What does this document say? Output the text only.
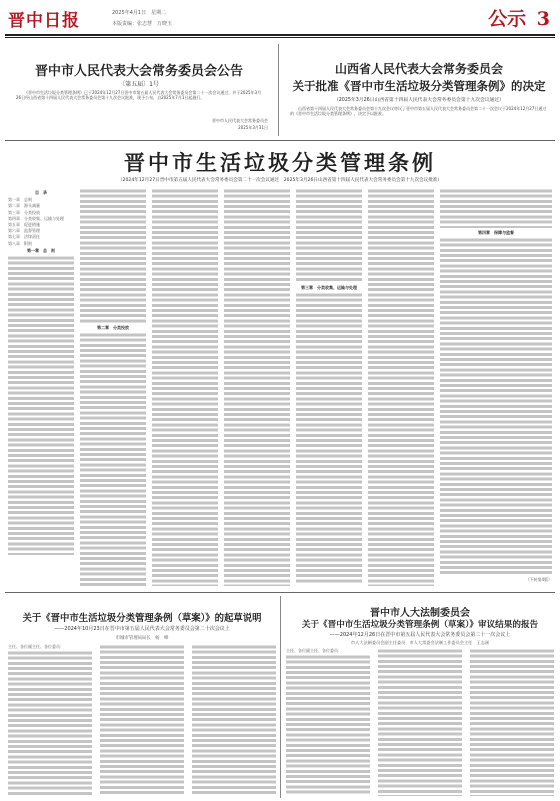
晋中日报	2025年4月1日　星期二
本版责编：张志慧　万晓玉	公示 3
晋中市人民代表大会常务委员会公告
〔第五届〕1号

《晋中市生活垃圾分类管理条例》已于2024年12月27日晋中市第五届人民代表大会常务委员会第二十一次会议通过，并于2025年3月26日经山西省第十四届人民代表大会常务委员会第十九次会议批准，现予公布，自2025年7月1日起施行。

晋中市人民代表大会常务委员会
2025年3月31日
山西省人民代表大会常务委员会
关于批准《晋中市生活垃圾分类管理条例》的决定
（2025年3月26日山西省第十四届人民代表大会常务委员会第十九次会议通过）

山西省第十四届人民代表大会常务委员会第十九次会议审议了晋中市第五届人民代表大会常务委员会第二十一次会议于2024年12月27日通过的《晋中市生活垃圾分类管理条例》，决定予以批准。

晋中市生活垃圾分类管理条例
（2024年12月27日晋中市第五届人民代表大会常务委员会第二十一次会议通过　2025年3月26日山西省第十四届人民代表大会常务委员会第十九次会议批准）

目　录

第一章　总则

第二章　源头减量

第三章　分类投放

第四章　分类收集、运输与处理

第五章　促进措施

第六章　监督管理

第七章　法律责任

第八章　附则

第一章　总　则

第二章　分类投放

第三章　分类收集、运输与处理

第四章　保障与监督

（下转第4版）

关于《晋中市生活垃圾分类管理条例（草案）》的起草说明
——2024年10月23日在晋中市第五届人民代表大会常务委员会第二十次会议上
市城市管理局局长　杨　峰

主任、各位副主任、各位委员：

晋中市人大法制委员会
关于《晋中市生活垃圾分类管理条例（草案）》审议结果的报告
——2024年12月26日在晋中市第五届人民代表大会常务委员会第二十一次会议上
市人大法制委员会副主任委员　市人大常委会法制工作委员会主任　王志刚

主任、各位副主任、各位委员：
